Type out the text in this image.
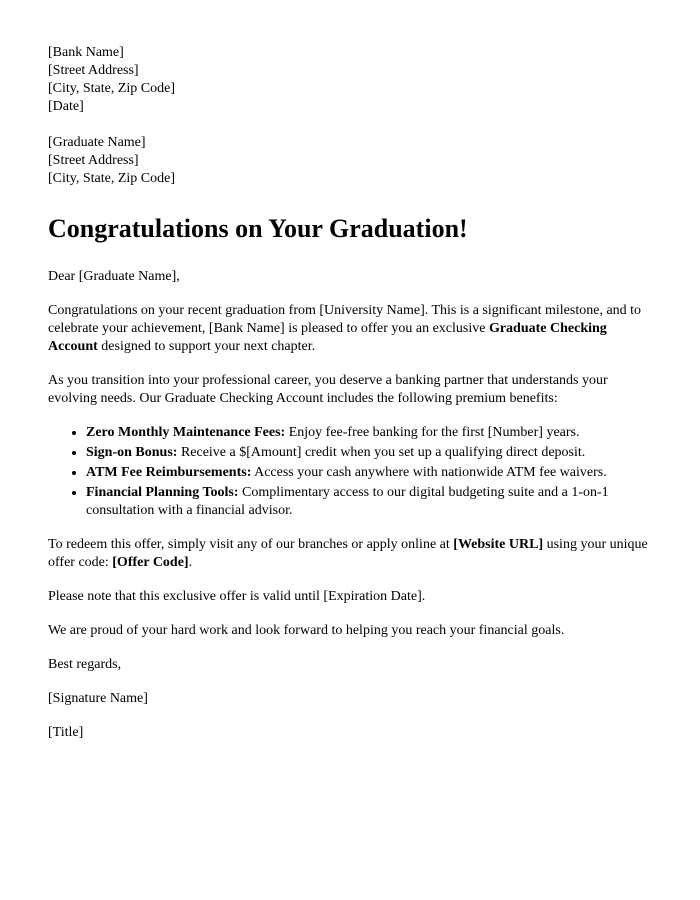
[Bank Name]
[Street Address]
[City, State, Zip Code]
[Date]
[Graduate Name]
[Street Address]
[City, State, Zip Code]
Congratulations on Your Graduation!

Dear [Graduate Name],

Congratulations on your recent graduation from [University Name]. This is a significant milestone, and to celebrate your achievement, [Bank Name] is pleased to offer you an exclusive Graduate Checking Account designed to support your next chapter.

As you transition into your professional career, you deserve a banking partner that understands your evolving needs. Our Graduate Checking Account includes the following premium benefits:

• Zero Monthly Maintenance Fees: Enjoy fee-free banking for the first [Number] years.
• Sign-on Bonus: Receive a $[Amount] credit when you set up a qualifying direct deposit.
• ATM Fee Reimbursements: Access your cash anywhere with nationwide ATM fee waivers.
• Financial Planning Tools: Complimentary access to our digital budgeting suite and a 1-on-1 consultation with a financial advisor.

To redeem this offer, simply visit any of our branches or apply online at [Website URL] using your unique offer code: [Offer Code].

Please note that this exclusive offer is valid until [Expiration Date].

We are proud of your hard work and look forward to helping you reach your financial goals.

Best regards,

[Signature Name]

[Title]
